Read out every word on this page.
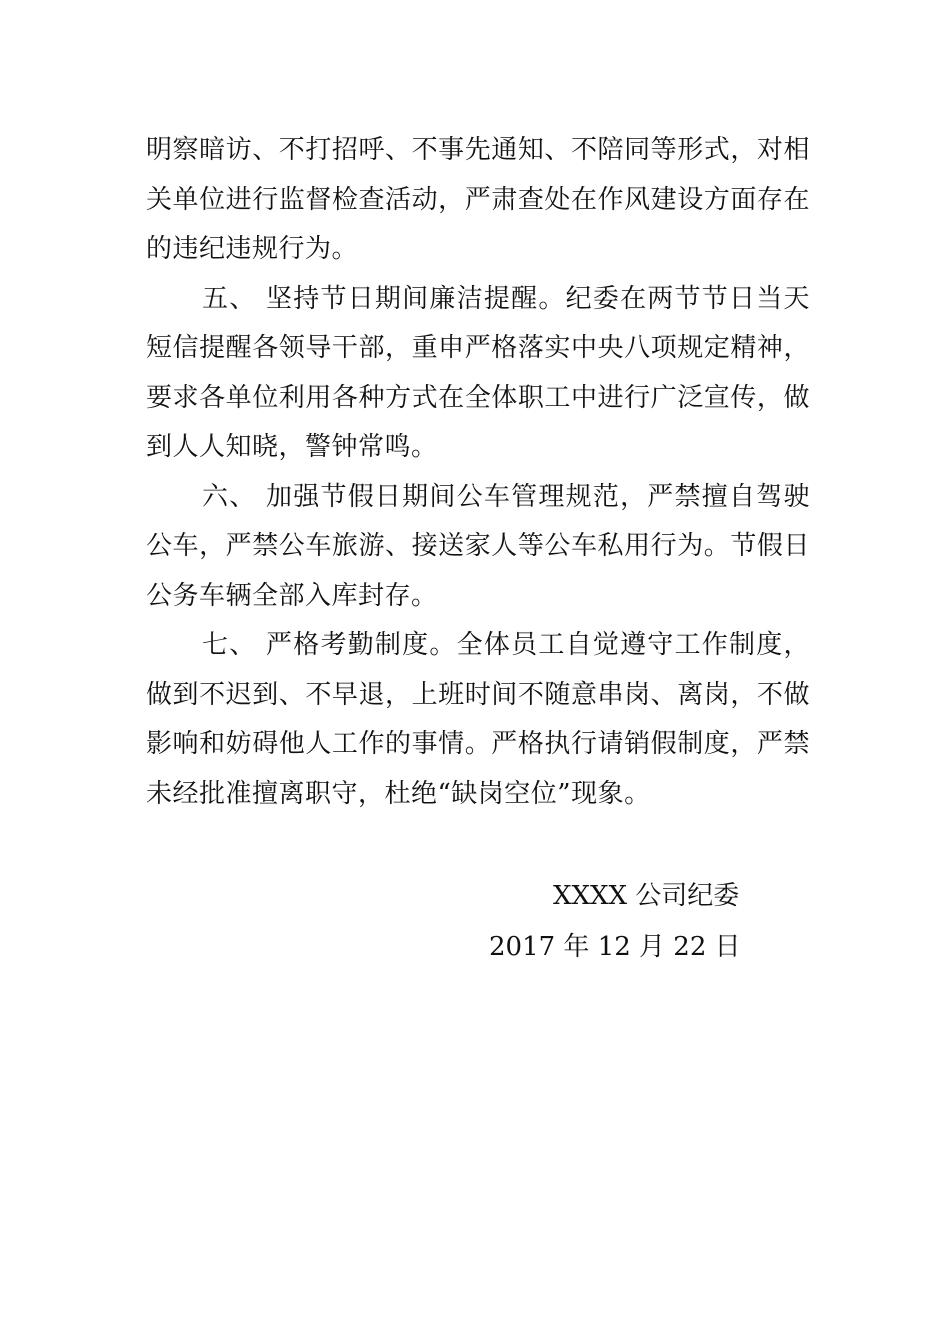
明察暗访、不打招呼、不事先通知、不陪同等形式，对相关单位进行监督检查活动，严肃查处在作风建设方面存在的违纪违规行为。

五、 坚持节日期间廉洁提醒。纪委在两节节日当天短信提醒各领导干部，重申严格落实中央八项规定精神，要求各单位利用各种方式在全体职工中进行广泛宣传，做到人人知晓，警钟常鸣。

六、 加强节假日期间公车管理规范，严禁擅自驾驶公车，严禁公车旅游、接送家人等公车私用行为。节假日公务车辆全部入库封存。

七、 严格考勤制度。全体员工自觉遵守工作制度，做到不迟到、不早退，上班时间不随意串岗、离岗，不做影响和妨碍他人工作的事情。严格执行请销假制度，严禁未经批准擅离职守，杜绝“缺岗空位”现象。

XXXX 公司纪委
2017 年 12 月 22 日
